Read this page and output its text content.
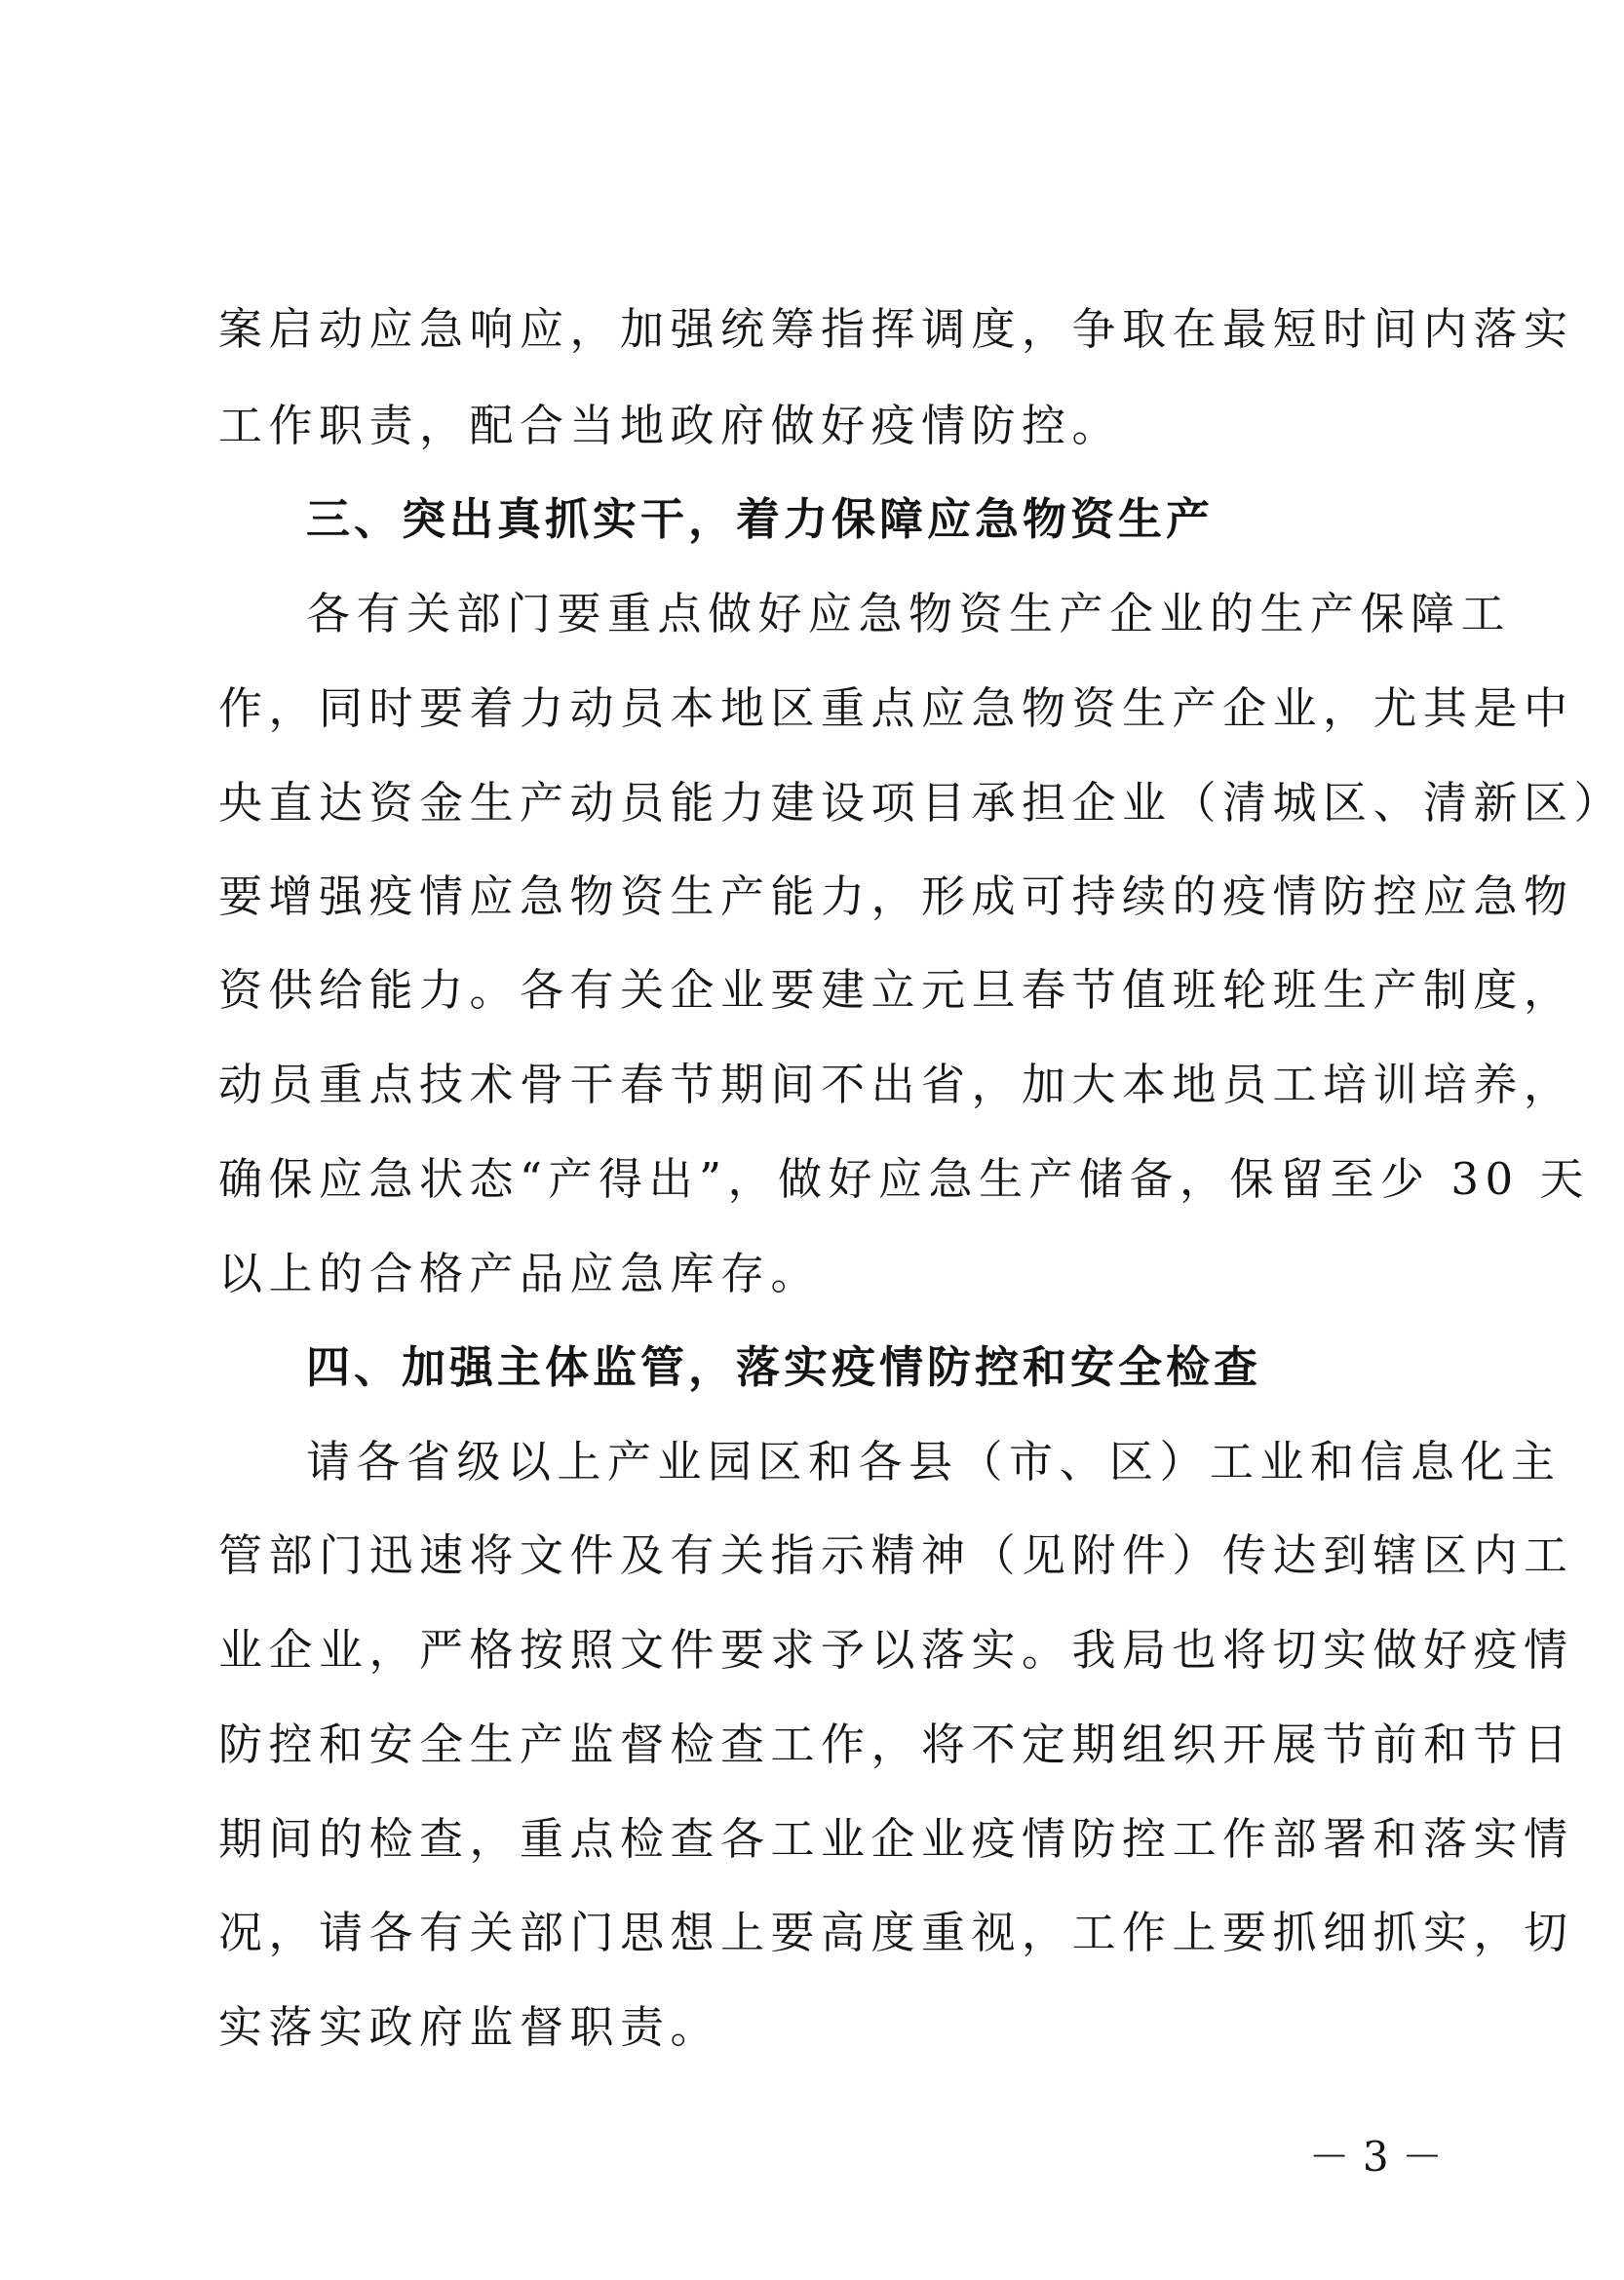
案启动应急响应，加强统筹指挥调度，争取在最短时间内落实
工作职责，配合当地政府做好疫情防控。
三、突出真抓实干，着力保障应急物资生产
各有关部门要重点做好应急物资生产企业的生产保障工
作，同时要着力动员本地区重点应急物资生产企业，尤其是中
央直达资金生产动员能力建设项目承担企业（清城区、清新区）
要增强疫情应急物资生产能力，形成可持续的疫情防控应急物
资供给能力。各有关企业要建立元旦春节值班轮班生产制度，
动员重点技术骨干春节期间不出省，加大本地员工培训培养，
确保应急状态“产得出”，做好应急生产储备，保留至少 30 天
以上的合格产品应急库存。
四、加强主体监管，落实疫情防控和安全检查
请各省级以上产业园区和各县（市、区）工业和信息化主
管部门迅速将文件及有关指示精神（见附件）传达到辖区内工
业企业，严格按照文件要求予以落实。我局也将切实做好疫情
防控和安全生产监督检查工作，将不定期组织开展节前和节日
期间的检查，重点检查各工业企业疫情防控工作部署和落实情
况，请各有关部门思想上要高度重视，工作上要抓细抓实，切
实落实政府监督职责。
－ 3 －
